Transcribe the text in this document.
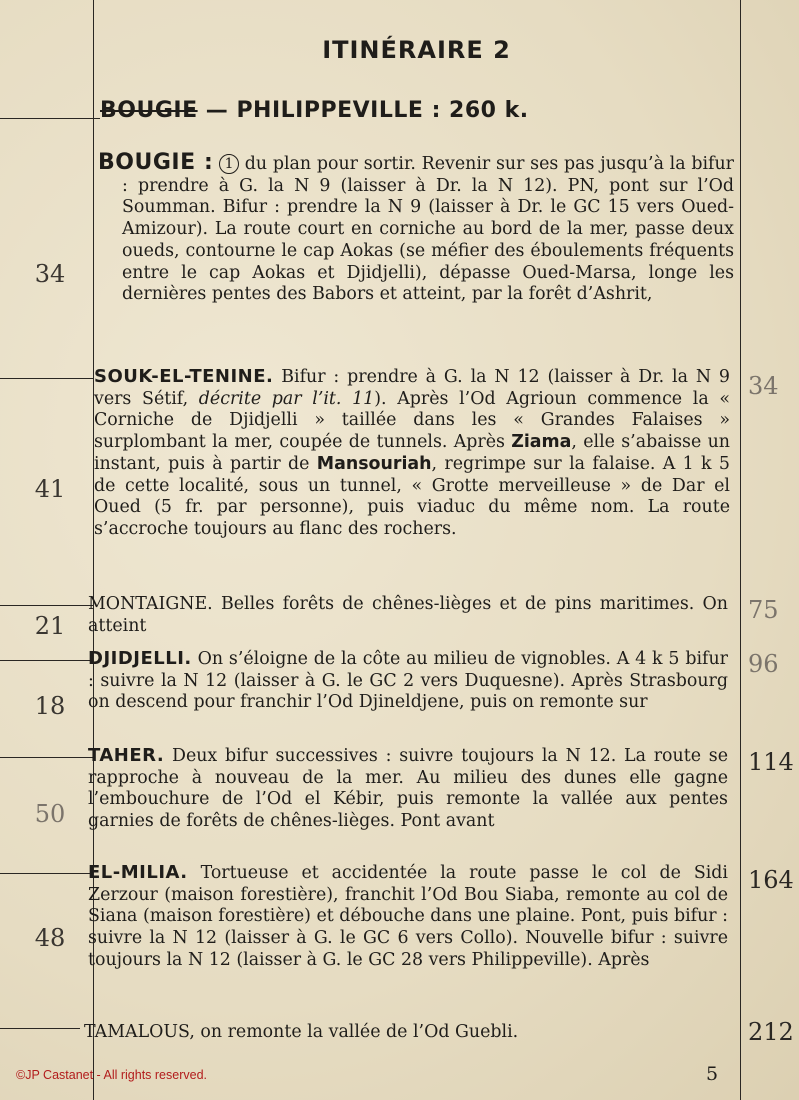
ITINÉRAIRE 2
BOUGIE — PHILIPPEVILLE : 260 k.
BOUGIE : 1 du plan pour sortir. Revenir sur ses pas jusqu’à la bifur : prendre à G. la N 9 (laisser à Dr. la N 12). PN, pont sur l’Od Soumman. Bifur : prendre la N 9 (laisser à Dr. le GC 15 vers Oued-Amizour). La route court en corniche au bord de la mer, passe deux oueds, contourne le cap Aokas (se méfier des éboulements fréquents entre le cap Aokas et Djidjelli), dépasse Oued-Marsa, longe les dernières pentes des Babors et atteint, par la forêt d’Ashrit,
SOUK-EL-TENINE. Bifur : prendre à G. la N 12 (laisser à Dr. la N 9 vers Sétif, décrite par l’it. 11). Après l’Od Agrioun commence la « Corniche de Djidjelli » taillée dans les « Grandes Falaises » surplombant la mer, coupée de tunnels. Après Ziama, elle s’abaisse un instant, puis à partir de Mansouriah, regrimpe sur la falaise. A 1 k 5 de cette localité, sous un tunnel, « Grotte merveilleuse » de Dar el Oued (5 fr. par personne), puis viaduc du même nom. La route s’accroche toujours au flanc des rochers.
MONTAIGNE. Belles forêts de chênes-lièges et de pins maritimes. On atteint
DJIDJELLI. On s’éloigne de la côte au milieu de vignobles. A 4 k 5 bifur : suivre la N 12 (laisser à G. le GC 2 vers Duquesne). Après Strasbourg on descend pour franchir l’Od Djineldjene, puis on remonte sur
TAHER. Deux bifur successives : suivre toujours la N 12. La route se rapproche à nouveau de la mer. Au milieu des dunes elle gagne l’embouchure de l’Od el Kébir, puis remonte la vallée aux pentes garnies de forêts de chênes-lièges. Pont avant
EL-MILIA. Tortueuse et accidentée la route passe le col de Sidi Zerzour (maison forestière), franchit l’Od Bou Siaba, remonte au col de Siana (maison forestière) et débouche dans une plaine. Pont, puis bifur : suivre la N 12 (laisser à G. le GC 6 vers Collo). Nouvelle bifur : suivre toujours la N 12 (laisser à G. le GC 28 vers Philippeville). Après
TAMALOUS, on remonte la vallée de l’Od Guebli.
34
41
21
18
50
48
34
75
96
114
164
212
©JP Castanet - All rights reserved.	5
